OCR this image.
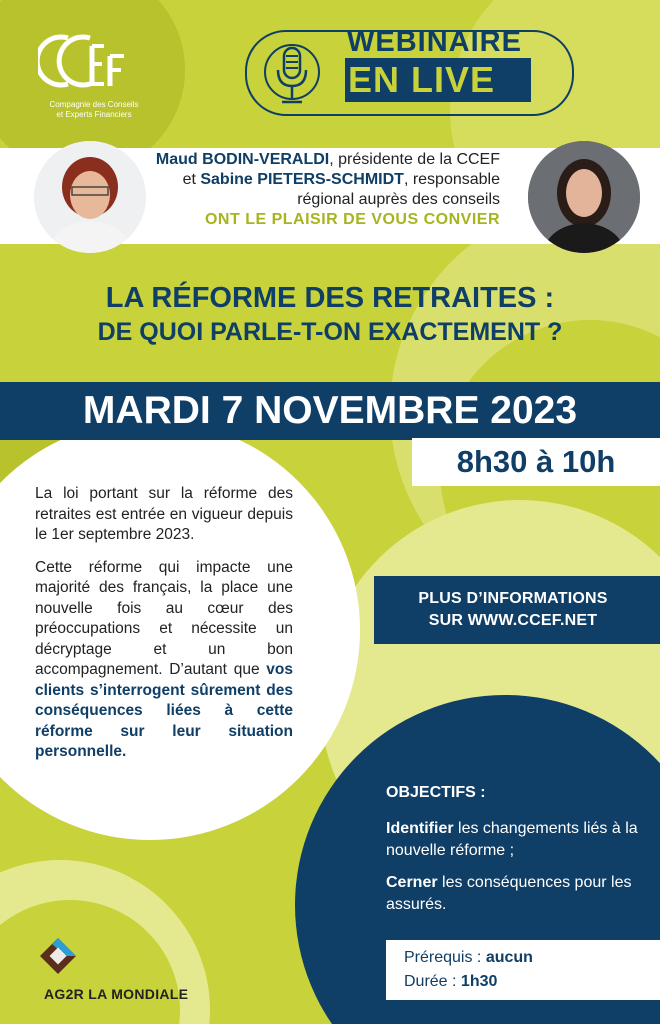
Compagnie des Conseils
et Experts Financiers
WEBINAIRE
EN LIVE
Maud BODIN-VERALDI, présidente de la CCEF et Sabine PIETERS-SCHMIDT, responsable régional auprès des conseils
ONT LE PLAISIR DE VOUS CONVIER
LA RÉFORME DES RETRAITES :
DE QUOI PARLE-T-ON EXACTEMENT ?
MARDI 7 NOVEMBRE 2023
8h30 à 10h

La loi portant sur la réforme des retraites est entrée en vigueur depuis le 1er septembre 2023.

Cette réforme qui impacte une majorité des français, la place une nouvelle fois au cœur des préoccupations et nécessite un décryptage et un bon accompagnement. D’autant que vos clients s’interrogent sûrement des conséquences liées à cette réforme sur leur situation personnelle.

PLUS D’INFORMATIONS
SUR WWW.CCEF.NET
OBJECTIFS :

Identifier les changements liés à la nouvelle réforme ;

Cerner les conséquences pour les assurés.

Prérequis : aucun
Durée : 1h30
AG2R LA MONDIALE
